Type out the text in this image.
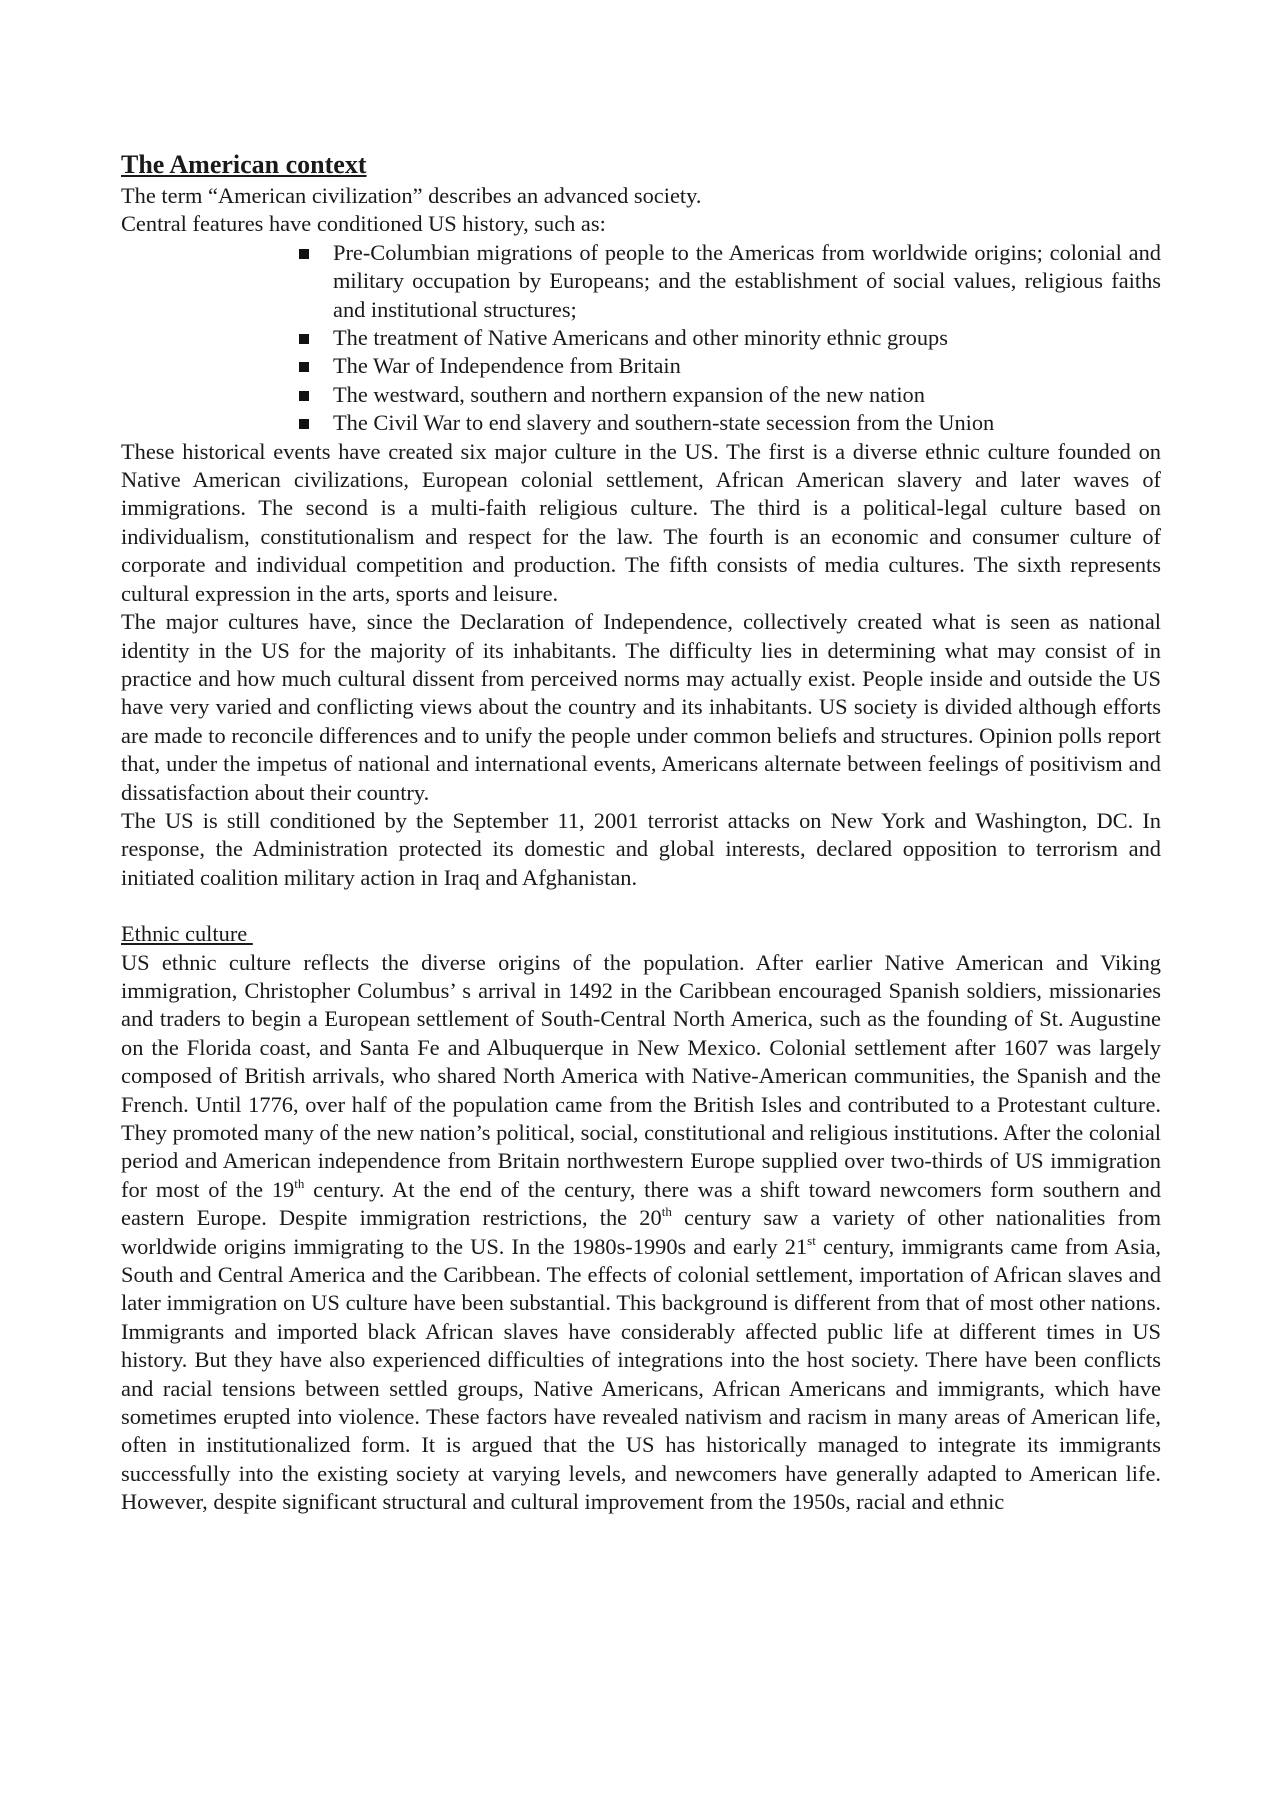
The American context

The term “American civilization” describes an advanced society.

Central features have conditioned US history, such as:

Pre-Columbian migrations of people to the Americas from worldwide origins; colonial and military occupation by Europeans; and the establishment of social values, religious faiths and institutional structures;
The treatment of Native Americans and other minority ethnic groups
The War of Independence from Britain
The westward, southern and northern expansion of the new nation
The Civil War to end slavery and southern-state secession from the Union

These historical events have created six major culture in the US. The first is a diverse ethnic culture founded on Native American civilizations, European colonial settlement, African American slavery and later waves of immigrations. The second is a multi-faith religious culture. The third is a political-legal culture based on individualism, constitutionalism and respect for the law. The fourth is an economic and consumer culture of corporate and individual competition and production. The fifth consists of media cultures. The sixth represents cultural expression in the arts, sports and leisure.

The major cultures have, since the Declaration of Independence, collectively created what is seen as national identity in the US for the majority of its inhabitants. The difficulty lies in determining what may consist of in practice and how much cultural dissent from perceived norms may actually exist. People inside and outside the US have very varied and conflicting views about the country and its inhabitants. US society is divided although efforts are made to reconcile differences and to unify the people under common beliefs and structures. Opinion polls report that, under the impetus of national and international events, Americans alternate between feelings of positivism and dissatisfaction about their country.

The US is still conditioned by the September 11, 2001 terrorist attacks on New York and Washington, DC. In response, the Administration protected its domestic and global interests, declared opposition to terrorism and initiated coalition military action in Iraq and Afghanistan.

Ethnic culture

US ethnic culture reflects the diverse origins of the population. After earlier Native American and Viking immigration, Christopher Columbus’ s arrival in 1492 in the Caribbean encouraged Spanish soldiers, missionaries and traders to begin a European settlement of South-Central North America, such as the founding of St. Augustine on the Florida coast, and Santa Fe and Albuquerque in New Mexico. Colonial settlement after 1607 was largely composed of British arrivals, who shared North America with Native-American communities, the Spanish and the French. Until 1776, over half of the population came from the British Isles and contributed to a Protestant culture. They promoted many of the new nation’s political, social, constitutional and religious institutions. After the colonial period and American independence from Britain northwestern Europe supplied over two-thirds of US immigration for most of the 19th century. At the end of the century, there was a shift toward newcomers form southern and eastern Europe. Despite immigration restrictions, the 20th century saw a variety of other nationalities from worldwide origins immigrating to the US. In the 1980s-1990s and early 21st century, immigrants came from Asia, South and Central America and the Caribbean. The effects of colonial settlement, importation of African slaves and later immigration on US culture have been substantial. This background is different from that of most other nations. Immigrants and imported black African slaves have considerably affected public life at different times in US history. But they have also experienced difficulties of integrations into the host society. There have been conflicts and racial tensions between settled groups, Native Americans, African Americans and immigrants, which have sometimes erupted into violence. These factors have revealed nativism and racism in many areas of American life, often in institutionalized form. It is argued that the US has historically managed to integrate its immigrants successfully into the existing society at varying levels, and newcomers have generally adapted to American life. However, despite significant structural and cultural improvement from the 1950s, racial and ethnic
